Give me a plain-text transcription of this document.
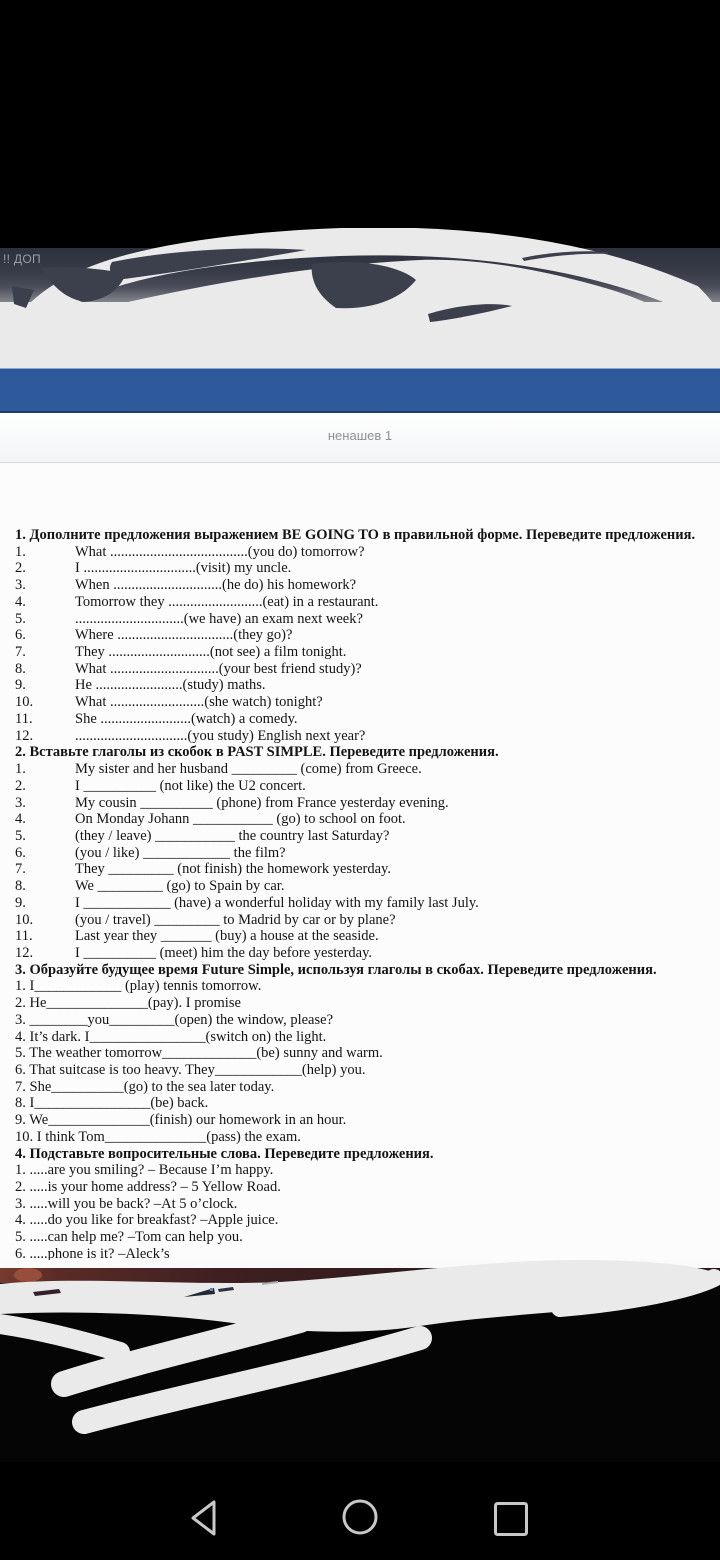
!! ДОП
ненашев 1
1. Дополните предложения выражением BE GOING TO в правильной форме. Переведите предложения.
1.	What ......................................(you do) tomorrow?
2.	I ...............................(visit) my uncle.
3.	When ..............................(he do) his homework?
4.	Tomorrow they ..........................(eat) in a restaurant.
5.	..............................(we have) an exam next week?
6.	Where ................................(they go)?
7.	They ............................(not see) a film tonight.
8.	What ..............................(your best friend study)?
9.	He ........................(study) maths.
10.	What ..........................(she watch) tonight?
11.	She .........................(watch) a comedy.
12.	...............................(you study) English next year?
2. Вставьте глаголы из скобок в PAST SIMPLE. Переведите предложения.
1.	My sister and her husband _________ (come) from Greece.
2.	I __________ (not like) the U2 concert.
3.	My cousin __________ (phone) from France yesterday evening.
4.	On Monday Johann ___________ (go) to school on foot.
5.	(they / leave) ___________ the country last Saturday?
6.	(you / like) ____________ the film?
7.	They _________ (not finish) the homework yesterday.
8.	We _________ (go) to Spain by car.
9.	I ____________ (have) a wonderful holiday with my family last July.
10.	(you / travel) _________ to Madrid by car or by plane?
11.	Last year they _______ (buy) a house at the seaside.
12.	I __________ (meet) him the day before yesterday.
3. Образуйте будущее время Future Simple, используя глаголы в скобах. Переведите предложения.
1. I____________ (play) tennis tomorrow.
2. He______________(pay). I promise
3. ________you_________(open) the window, please?
4. It’s dark. I________________(switch on) the light.
5. The weather tomorrow_____________(be) sunny and warm.
6. That suitcase is too heavy. They____________(help) you.
7. She__________(go) to the sea later today.
8. I________________(be) back.
9. We______________(finish) our homework in an hour.
10. I think Tom______________(pass) the exam.
4. Подставьте вопросительные слова. Переведите предложения.
1. .....are you smiling? – Because I’m happy.
2. .....is your home address? – 5 Yellow Road.
3. .....will you be back? –At 5 o’clock.
4. .....do you like for breakfast? –Apple juice.
5. .....can help me? –Tom can help you.
6. .....phone is it? –Aleck’s
